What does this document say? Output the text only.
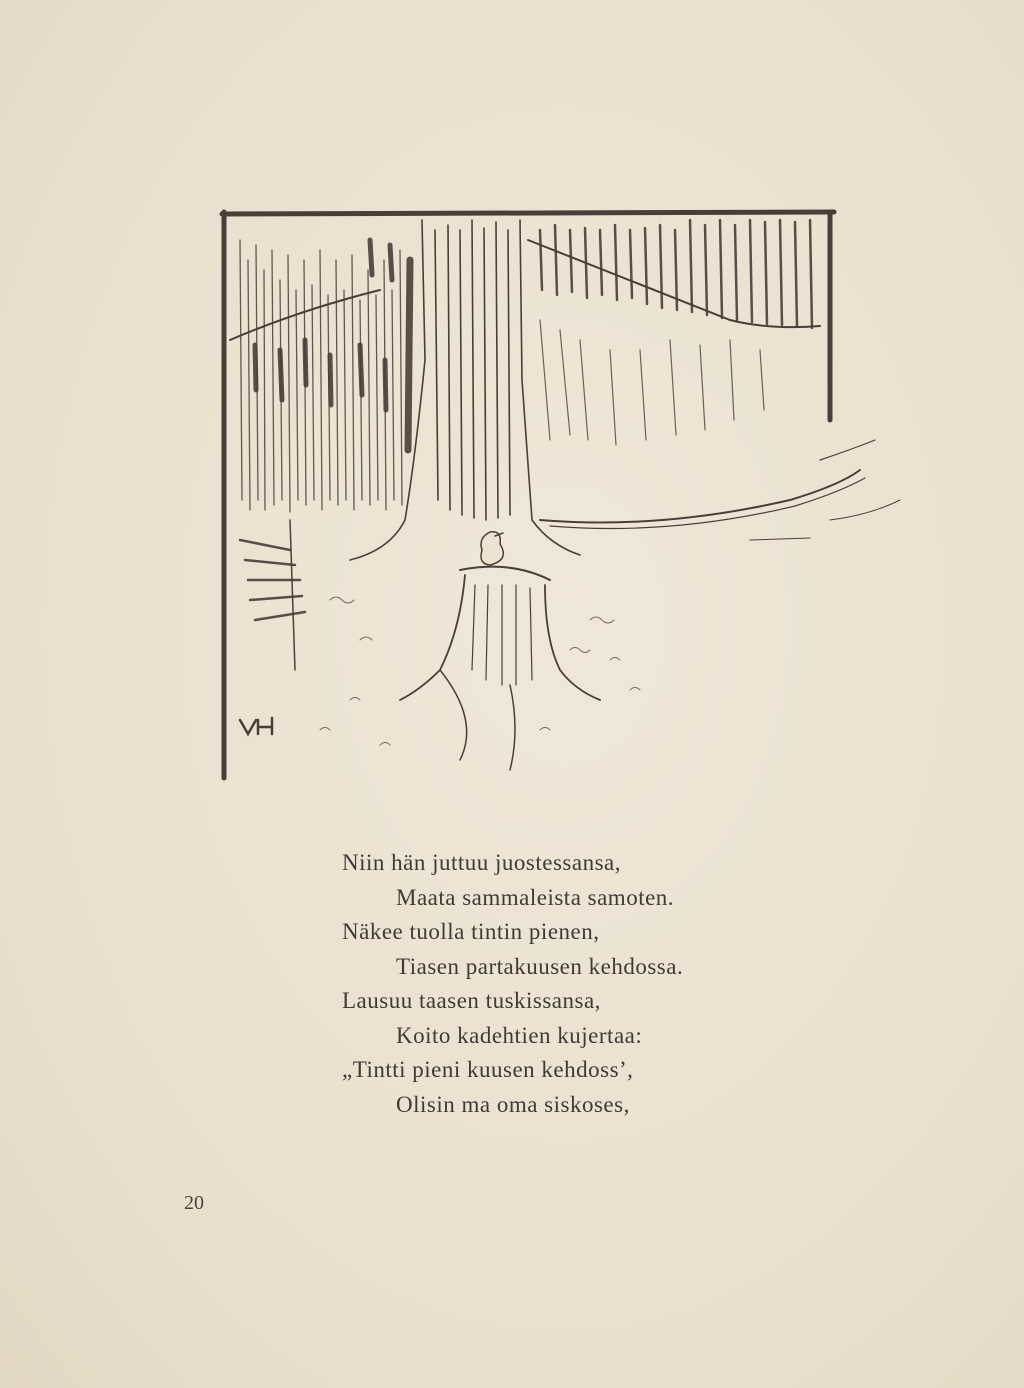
Niin hän juttuu juostessansa,
Maata sammaleista samoten.
Näkee tuolla tintin pienen,
Tiasen partakuusen kehdossa.
Lausuu taasen tuskissansa,
Koito kadehtien kujertaa:
„Tintti pieni kuusen kehdoss’,
Olisin ma oma siskoses,
20
